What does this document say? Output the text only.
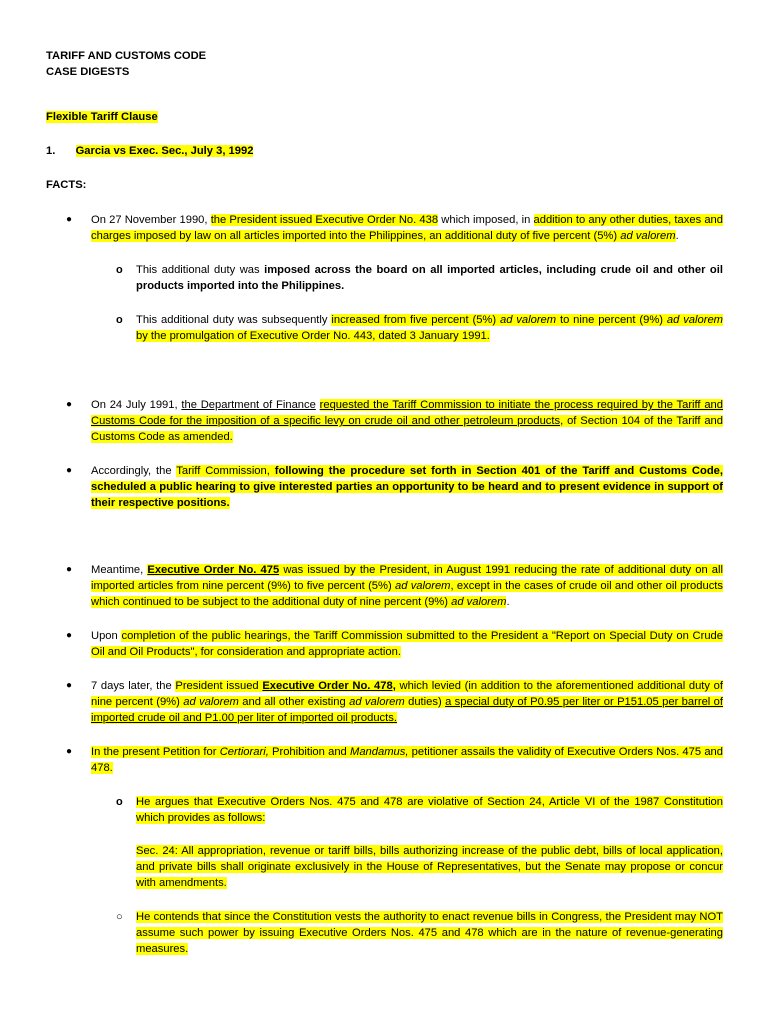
TARIFF AND CUSTOMS CODE
CASE DIGESTS
Flexible Tariff Clause
1. Garcia vs Exec. Sec., July 3, 1992
FACTS:
● On 27 November 1990, the President issued Executive Order No. 438 which imposed, in addition to any other duties, taxes and charges imposed by law on all articles imported into the Philippines, an additional duty of five percent (5%) ad valorem.
o This additional duty was imposed across the board on all imported articles, including crude oil and other oil products imported into the Philippines.
o This additional duty was subsequently increased from five percent (5%) ad valorem to nine percent (9%) ad valorem by the promulgation of Executive Order No. 443, dated 3 January 1991.
● On 24 July 1991, the Department of Finance requested the Tariff Commission to initiate the process required by the Tariff and Customs Code for the imposition of a specific levy on crude oil and other petroleum products, of Section 104 of the Tariff and Customs Code as amended.
● Accordingly, the Tariff Commission, following the procedure set forth in Section 401 of the Tariff and Customs Code, scheduled a public hearing to give interested parties an opportunity to be heard and to present evidence in support of their respective positions.
● Meantime, Executive Order No. 475 was issued by the President, in August 1991 reducing the rate of additional duty on all imported articles from nine percent (9%) to five percent (5%) ad valorem, except in the cases of crude oil and other oil products which continued to be subject to the additional duty of nine percent (9%) ad valorem.
● Upon completion of the public hearings, the Tariff Commission submitted to the President a "Report on Special Duty on Crude Oil and Oil Products", for consideration and appropriate action.
● 7 days later, the President issued Executive Order No. 478, which levied (in addition to the aforementioned additional duty of nine percent (9%) ad valorem and all other existing ad valorem duties) a special duty of P0.95 per liter or P151.05 per barrel of imported crude oil and P1.00 per liter of imported oil products.
● In the present Petition for Certiorari, Prohibition and Mandamus, petitioner assails the validity of Executive Orders Nos. 475 and 478.
o He argues that Executive Orders Nos. 475 and 478 are violative of Section 24, Article VI of the 1987 Constitution which provides as follows:
Sec. 24: All appropriation, revenue or tariff bills, bills authorizing increase of the public debt, bills of local application, and private bills shall originate exclusively in the House of Representatives, but the Senate may propose or concur with amendments.
○ He contends that since the Constitution vests the authority to enact revenue bills in Congress, the President may NOT assume such power by issuing Executive Orders Nos. 475 and 478 which are in the nature of revenue-generating measures.
